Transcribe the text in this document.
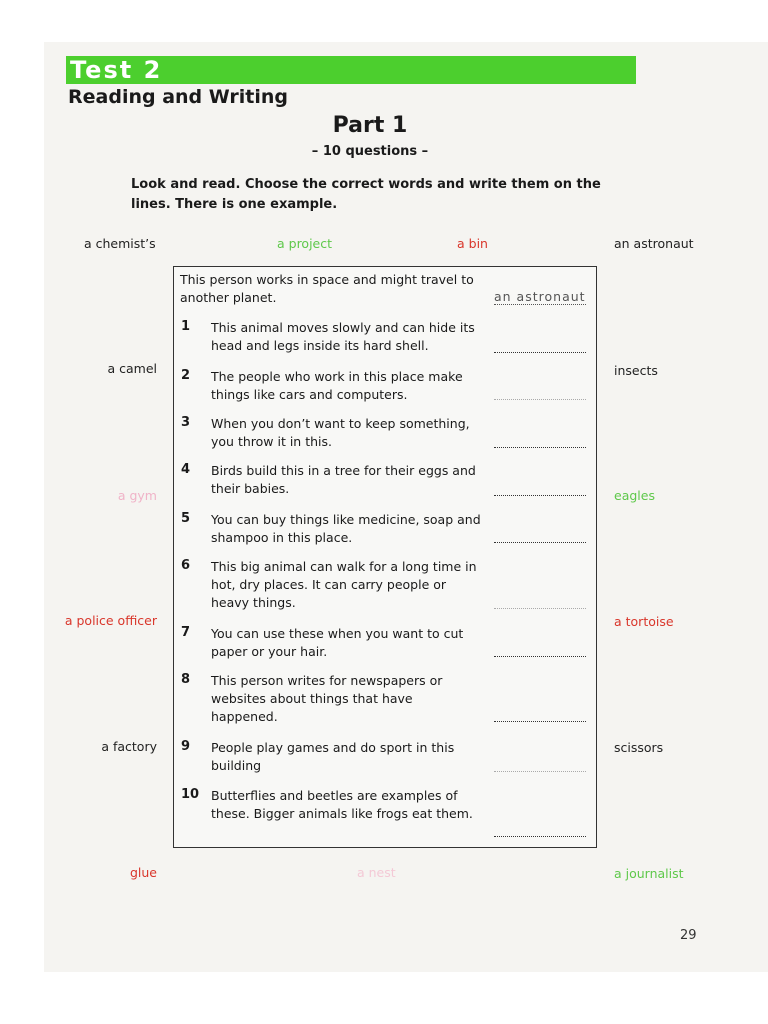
Test 2
Reading and Writing
Part 1
– 10 questions –
Look and read. Choose the correct words and write them on the lines. There is one example.
a chemist’s	a project	a bin	an astronaut
a camel
a gym
a police officer
a factory
insects
eagles
a tortoise
scissors
glue	a nest	a journalist
This person works in space and might travel to another planet.	an astronaut
1	This animal moves slowly and can hide its head and legs inside its hard shell.
2	The people who work in this place make things like cars and computers.
3	When you don’t want to keep something, you throw it in this.
4	Birds build this in a tree for their eggs and their babies.
5	You can buy things like medicine, soap and shampoo in this place.
6	This big animal can walk for a long time in hot, dry places. It can carry people or heavy things.
7	You can use these when you want to cut paper or your hair.
8	This person writes for newspapers or websites about things that have happened.
9	People play games and do sport in this building
10 Butterflies and beetles are examples of these. Bigger animals like frogs eat them.
29
